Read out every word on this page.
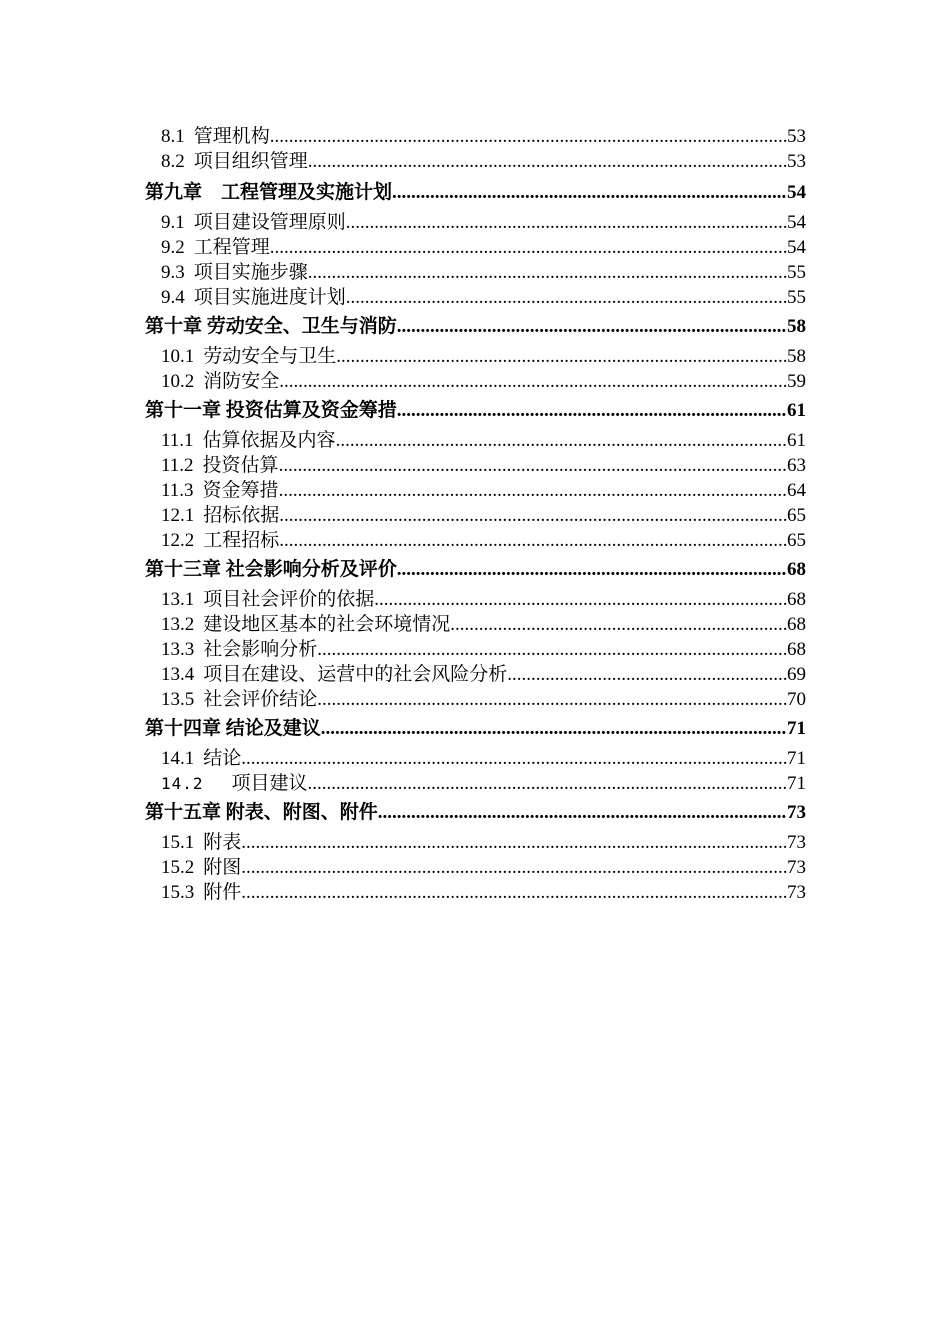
8.1 管理机构 .....	53
8.2 项目组织管理 .....	53
第九章　工程管理及实施计划 .....	54
9.1 项目建设管理原则 .....	54
9.2 工程管理 .....	54
9.3 项目实施步骤 .....	55
9.4 项目实施进度计划 .....	55
第十章 劳动安全、卫生与消防 .....	58
10.1 劳动安全与卫生 .....	58
10.2 消防安全 .....	59
第十一章 投资估算及资金筹措 .....	61
11.1 估算依据及内容 .....	61
11.2 投资估算 .....	63
11.3 资金筹措 .....	64
12.1 招标依据 .....	65
12.2 工程招标 .....	65
第十三章 社会影响分析及评价 .....	68
13.1 项目社会评价的依据 .....	68
13.2 建设地区基本的社会环境情况 .....	68
13.3 社会影响分析 .....	68
13.4 项目在建设、运营中的社会风险分析 .....	69
13.5 社会评价结论 .....	70
第十四章 结论及建议 .....	71
14.1 结论 .....	71
14.2 项目建议 .....	71
第十五章 附表、附图、附件 .....	73
15.1 附表 .....	73
15.2 附图 .....	73
15.3 附件 .....	73
